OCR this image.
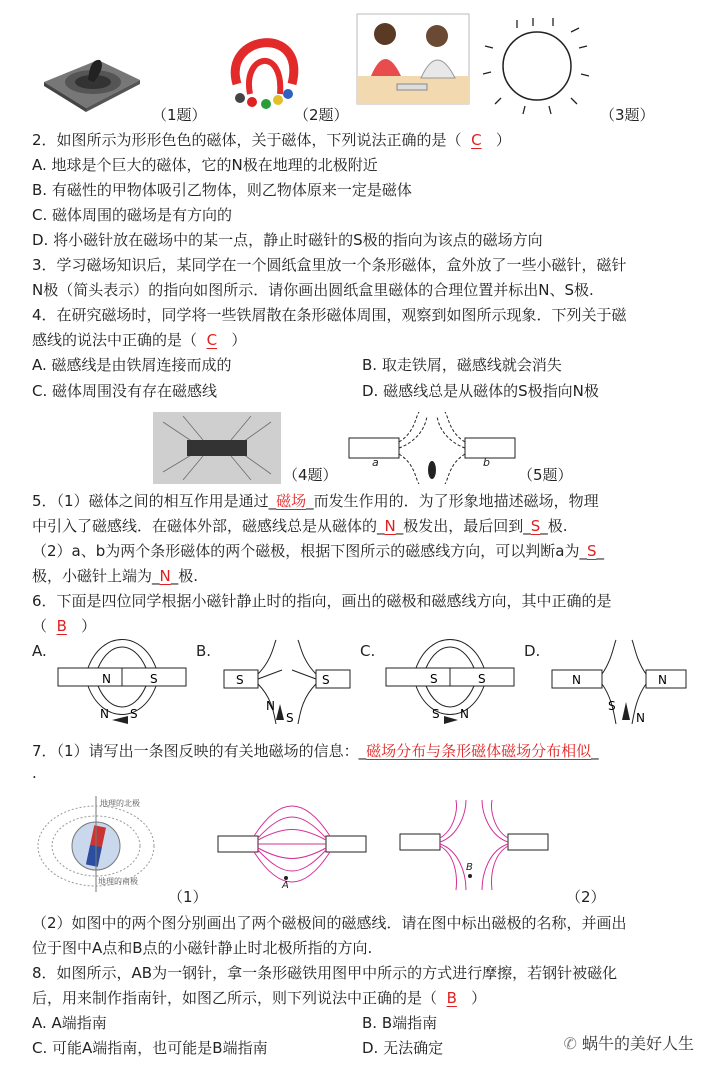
（1题）	（2题）	（3题）
2．如图所示为形形色色的磁体，关于磁体，下列说法正确的是（ C ）
A. 地球是个巨大的磁体，它的N极在地理的北极附近
B. 有磁性的甲物体吸引乙物体，则乙物体原来一定是磁体
C. 磁体周围的磁场是有方向的
D. 将小磁针放在磁场中的某一点，静止时磁针的S极的指向为该点的磁场方向
3．学习磁场知识后，某同学在一个圆纸盒里放一个条形磁体，盒外放了一些小磁针，磁针
N极（简头表示）的指向如图所示．请你画出圆纸盒里磁体的合理位置并标出N、S极.
4．在研究磁场时，同学将一些铁屑散在条形磁体周围，观察到如图所示现象．下列关于磁
感线的说法中正确的是（ C ）
A. 磁感线是由铁屑连接而成的	B. 取走铁屑，磁感线就会消失
C. 磁体周围没有存在磁感线	D. 磁感线总是从磁体的S极指向N极
（4题）
a	b
（5题）
5．（1）磁体之间的相互作用是通过_磁场_而发生作用的．为了形象地描述磁场，物理
中引入了磁感线．在磁体外部，磁感线总是从磁体的_N_极发出，最后回到_S_极.
（2）a、b为两个条形磁体的两个磁极，根据下图所示的磁感线方向，可以判断a为_S_
极，小磁针上端为_N_极.
6．下面是四位同学根据小磁针静止时的指向，画出的磁极和磁感线方向，其中正确的是
（ B ）
A.
N	S
N S
B.
S	S
N
S
C.
S	S
S N
D.
N	N
S
N
7．（1）请写出一条图反映的有关地磁场的信息：_磁场分布与条形磁体磁场分布相似_
.
地理的北极
地理的南极
（1）
A
B
（2）
（2）如图中的两个图分别画出了两个磁极间的磁感线．请在图中标出磁极的名称，并画出
位于图中A点和B点的小磁针静止时北极所指的方向.
8．如图所示，AB为一钢针，拿一条形磁铁用图甲中所示的方式进行摩擦，若钢针被磁化
后，用来制作指南针，如图乙所示，则下列说法中正确的是（ B ）
A. A端指南	B. B端指南
C. 可能A端指南，也可能是B端指南	D. 无法确定	✆ 蜗牛的美好人生
